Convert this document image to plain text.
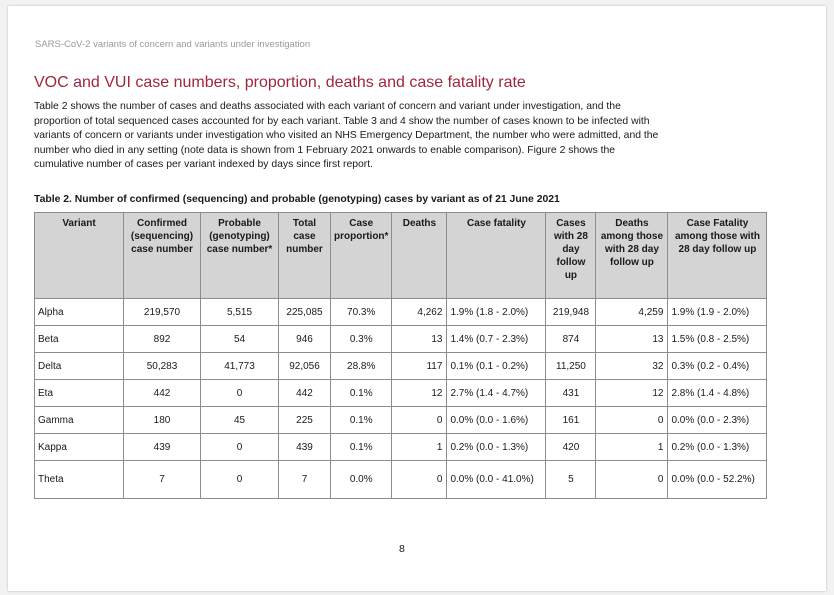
SARS-CoV-2 variants of concern and variants under investigation
VOC and VUI case numbers, proportion, deaths and case fatality rate

Table 2 shows the number of cases and deaths associated with each variant of concern and variant under investigation, and the
proportion of total sequenced cases accounted for by each variant. Table 3 and 4 show the number of cases known to be infected with
variants of concern or variants under investigation who visited an NHS Emergency Department, the number who were admitted, and the
number who died in any setting (note data is shown from 1 February 2021 onwards to enable comparison). Figure 2 shows the
cumulative number of cases per variant indexed by days since first report.

Table 2. Number of confirmed (sequencing) and probable (genotyping) cases by variant as of 21 June 2021
Variant	Confirmed (sequencing) case number	Probable (genotyping) case number*	Total case number	Case proportion*	Deaths	Case fatality	Cases with 28 day follow up	Deaths among those with 28 day follow up	Case Fatality among those with 28 day follow up
Alpha	219,570	5,515	225,085	70.3%	4,262	1.9% (1.8 - 2.0%)	219,948	4,259	1.9% (1.9 - 2.0%)
Beta	892	54	946	0.3%	13	1.4% (0.7 - 2.3%)	874	13	1.5% (0.8 - 2.5%)
Delta	50,283	41,773	92,056	28.8%	117	0.1% (0.1 - 0.2%)	11,250	32	0.3% (0.2 - 0.4%)
Eta	442	0	442	0.1%	12	2.7% (1.4 - 4.7%)	431	12	2.8% (1.4 - 4.8%)
Gamma	180	45	225	0.1%	0	0.0% (0.0 - 1.6%)	161	0	0.0% (0.0 - 2.3%)
Kappa	439	0	439	0.1%	1	0.2% (0.0 - 1.3%)	420	1	0.2% (0.0 - 1.3%)
Theta	7	0	7	0.0%	0	0.0% (0.0 - 41.0%)	5	0	0.0% (0.0 - 52.2%)
8
